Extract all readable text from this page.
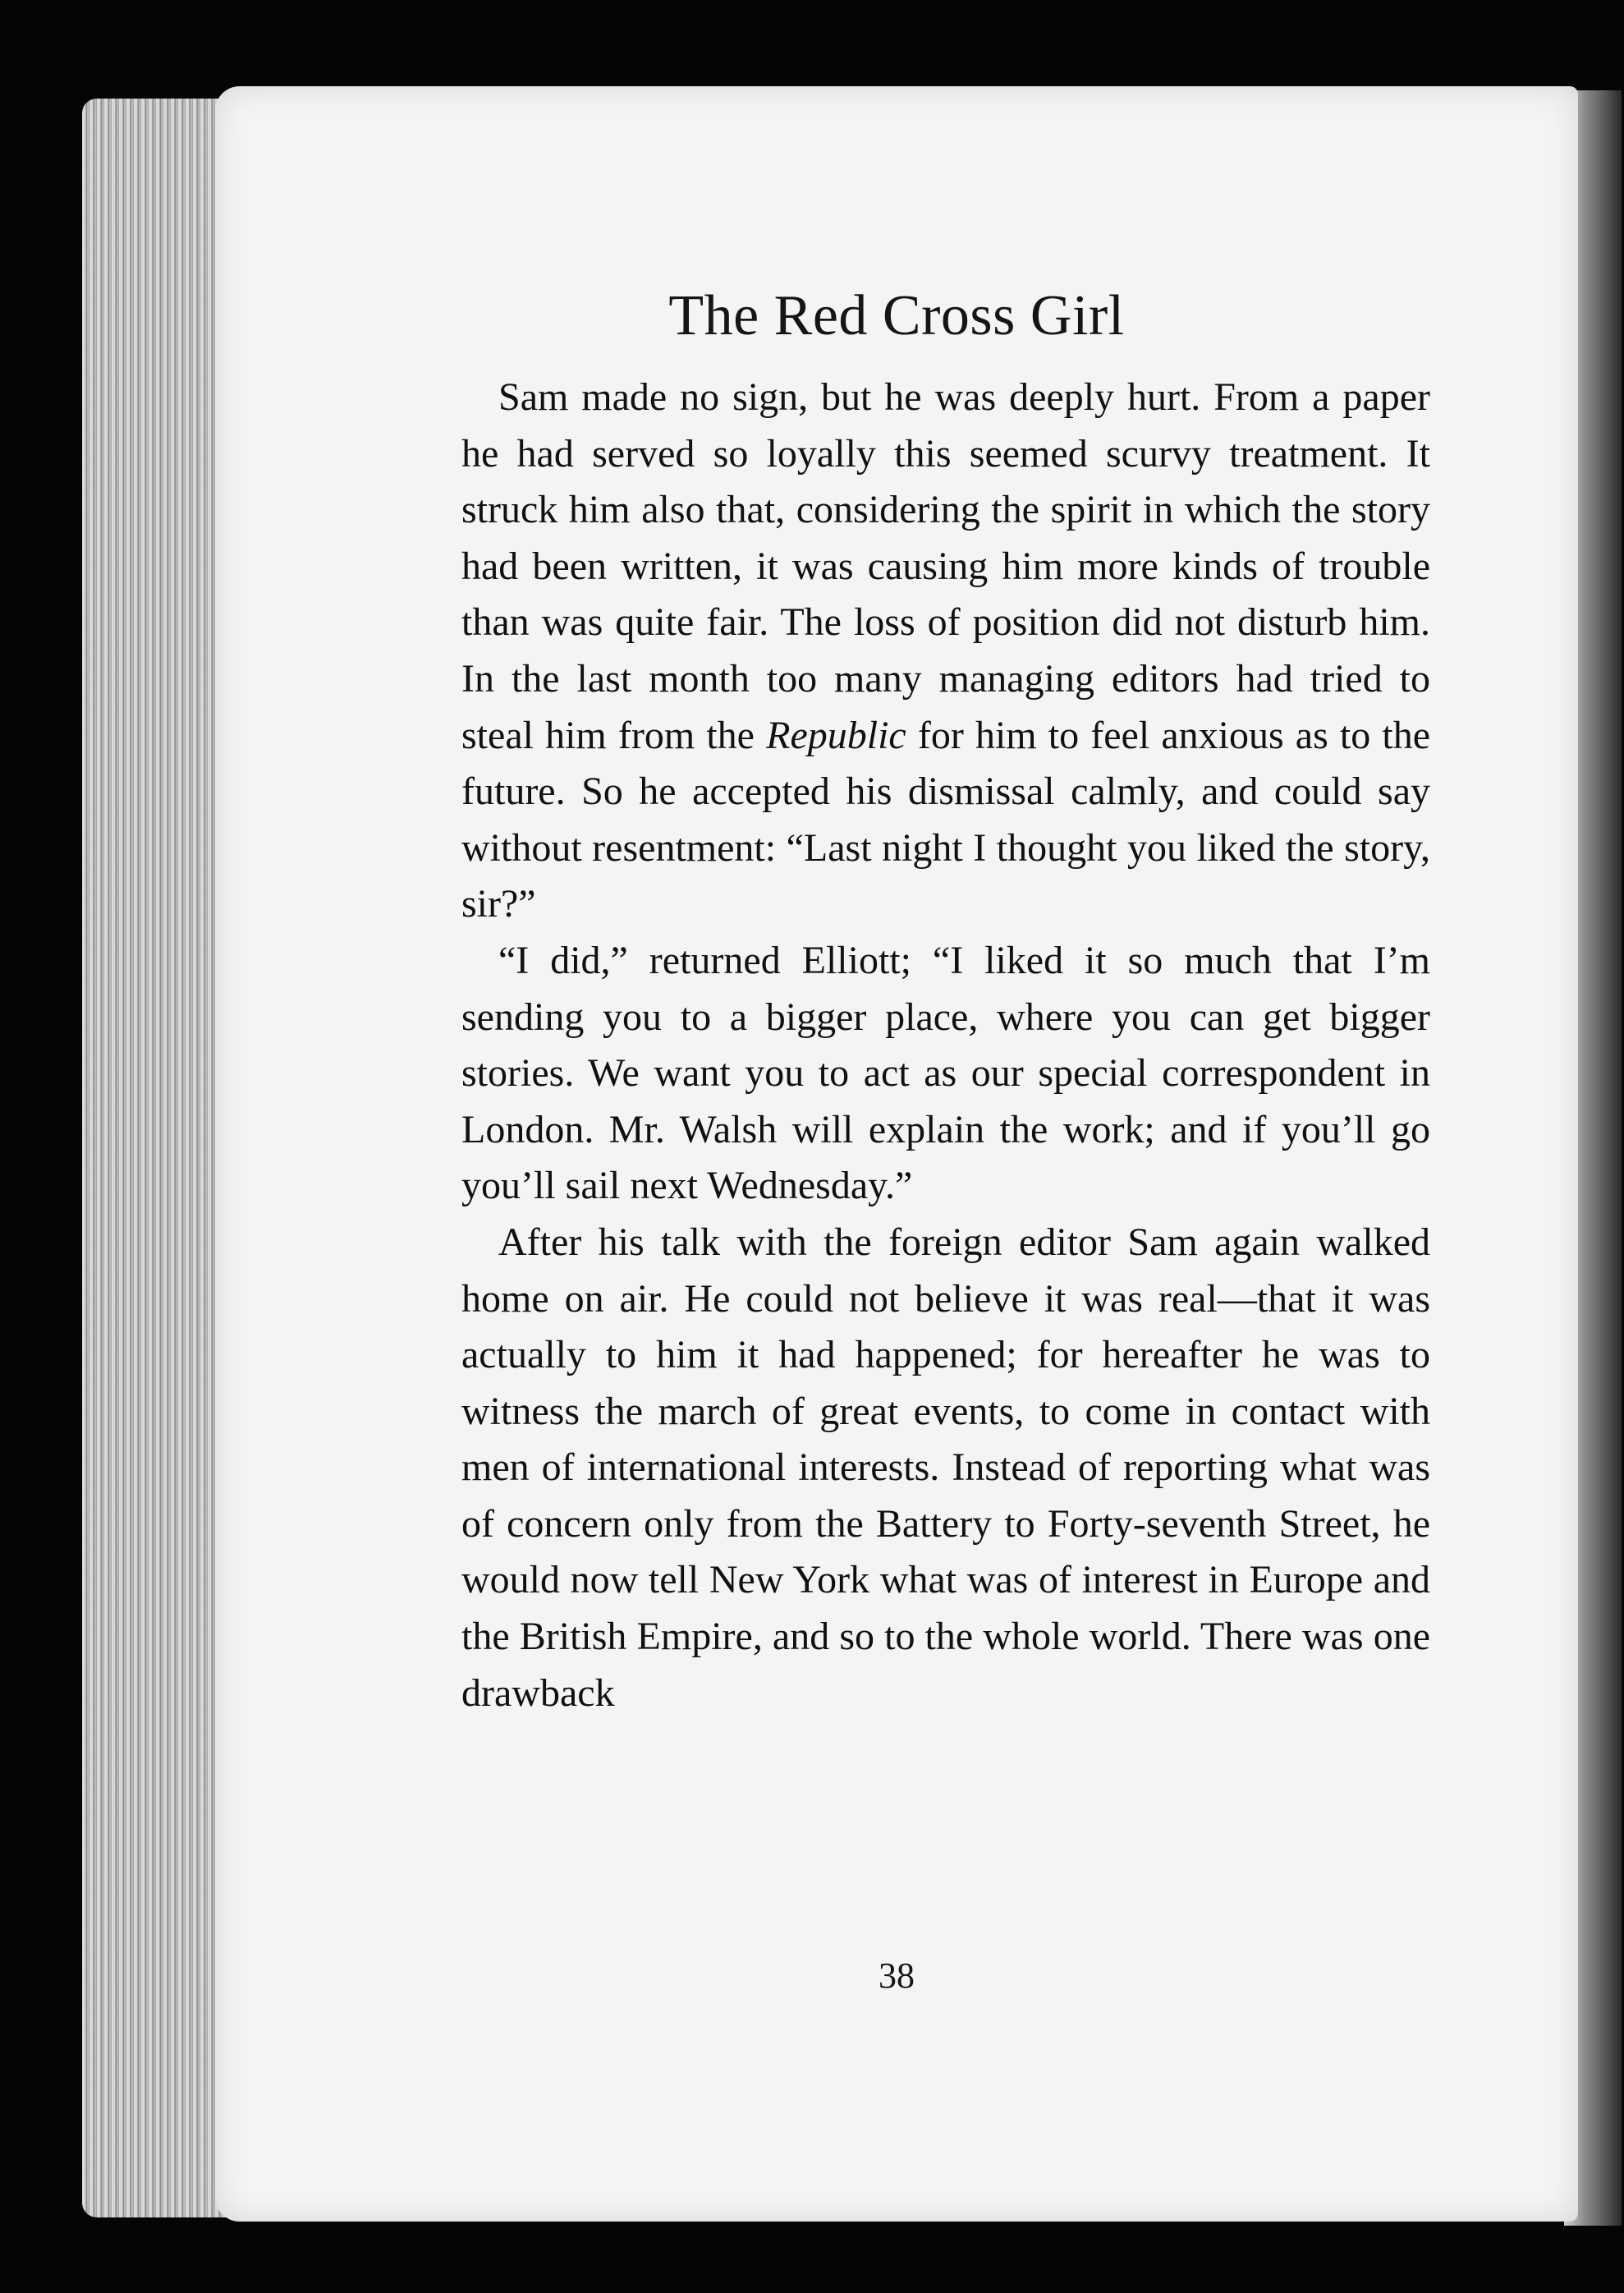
The Red Cross Girl

Sam made no sign, but he was deeply hurt. From a paper he had served so loyally this seemed scurvy treatment. It struck him also that, considering the spirit in which the story had been written, it was causing him more kinds of trouble than was quite fair. The loss of position did not disturb him. In the last month too many managing editors had tried to steal him from the Republic for him to feel anxious as to the future. So he accepted his dismissal calmly, and could say without resentment: “Last night I thought you liked the story, sir?”

“I did,” returned Elliott; “I liked it so much that I’m sending you to a bigger place, where you can get bigger stories. We want you to act as our special correspondent in London. Mr. Walsh will explain the work; and if you’ll go you’ll sail next Wednesday.”

After his talk with the foreign editor Sam again walked home on air. He could not believe it was real—that it was actually to him it had happened; for hereafter he was to witness the march of great events, to come in contact with men of international interests. Instead of reporting what was of concern only from the Battery to Forty-seventh Street, he would now tell New York what was of interest in Europe and the British Empire, and so to the whole world. There was one drawback

38
